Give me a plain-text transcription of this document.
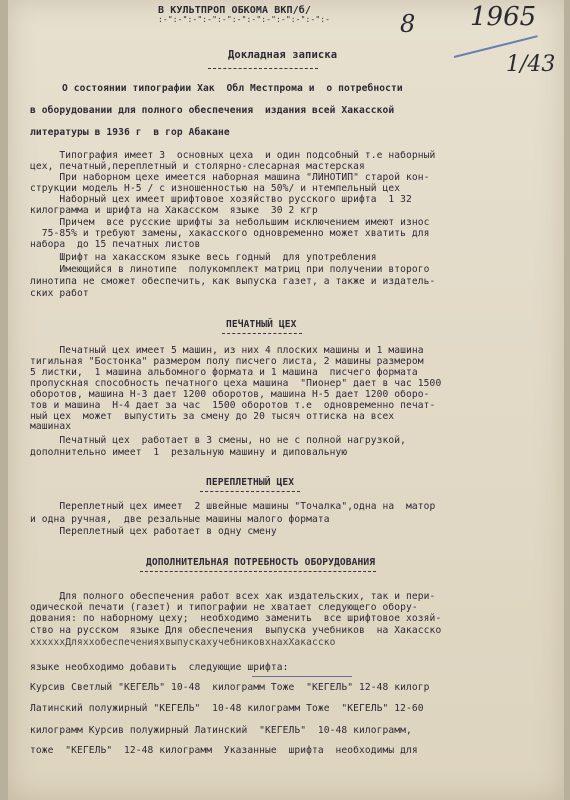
В КУЛЬТПРОП ОБКОМА ВКП/б/
:-":-":-":-":-":-":-":-":-":-":-":-	8 1965
1/43
Докладная записка
О состоянии типографии Хак  Обл Местпрома и  о потребности
в оборудовании для полного обеспечения  издания всей Хакасской
литературы в 1936 г  в гор Абакане
Типография имеет 3  основных цеха  и один подсобный т.е наборный
цех, печатный,переплетный и столярно-слесарная мастерская
При наборном цехе имеется наборная машина "ЛИНОТИП" старой кон-
струкции модель Н-5 / с изношенностью на 50%/ и нтемпельный цех
Наборный цех имеет шрифтовое хозяйство русского шрифта  1 32
килограмма и шрифта на Хакасском  языке  30 2 кгр
Причем  все русские шрифты за небольшим исключением имеют износ
75-85% и требуют замены, хакасского одновременно может хватить для
набора  до 15 печатных листов
Шрифт на хакасском языке весь годный  для употребления
Имеющийся в линотипе  полукомплект матриц при получении второго
линотипа не сможет обеспечить, как выпуска газет, а также и издатель-
ских работ
ПЕЧАТНЫЙ ЦЕХ
Печатный цех имеет 5 машин, из них 4 плоских машины и 1 машина
тигильная "Бостонка" размером полу писчего листа, 2 машины размером
5 листки,  1 машина альбомного формата и 1 машина  писчего формата
пропускная способность печатного цеха машина  "Пионер" дает в час 1500
оборотов, машина Н-3 дает 1200 оборотов, машина Н-5 дает 1200 оборо-
тов и машина  Н-4 дает за час  1500 оборотов т.е  одновременно печат-
ный цех  может  выпустить за смену до 20 тысяч оттиска на всех
машинах
Печатный цех  работает в 3 смены, но не с полной нагрузкой,
дополнительно имеет  1  резальную машину и диповальную
ПЕРЕПЛЕТНЫЙ ЦЕХ
Переплетный цех имеет  2 швейные машины "Точалка",одна на  матор
и одна ручная,  две резальные машины малого формата
Переплетный цех работает в одну смену
ДОПОЛНИТЕЛЬНАЯ ПОТРЕБНОСТЬ ОБОРУДОВАНИЯ
Для полного обеспечения работ всех хак издательских, так и пери-
одической печати (газет) и типографии не хватает следующего обору-
дования: по наборному цеху;  необходимо заменить  все шрифтовое хозяй-
ство на русском  языке Для обеспечения  выпуска учебников  на Хакасско
ххххххДляххобеспеченияхвыпускахучебниковхнахХакасско
языке необходимо добавить  следующие шрифта:
Курсив Светлый "КЕГЕЛЬ" 10-48  килограмм Тоже  "КЕГЕЛЬ" 12-48 килогр
Латинский полужирный "КЕГЕЛЬ"  10-48 килограмм Тоже  "КЕГЕЛЬ" 12-60
килограмм Курсив полужирный Латинский  "КЕГЕЛЬ"  10-48 килограмм,
тоже  "КЕГЕЛЬ"  12-48 килограмм  Указанные  шрифта  необходимы для
